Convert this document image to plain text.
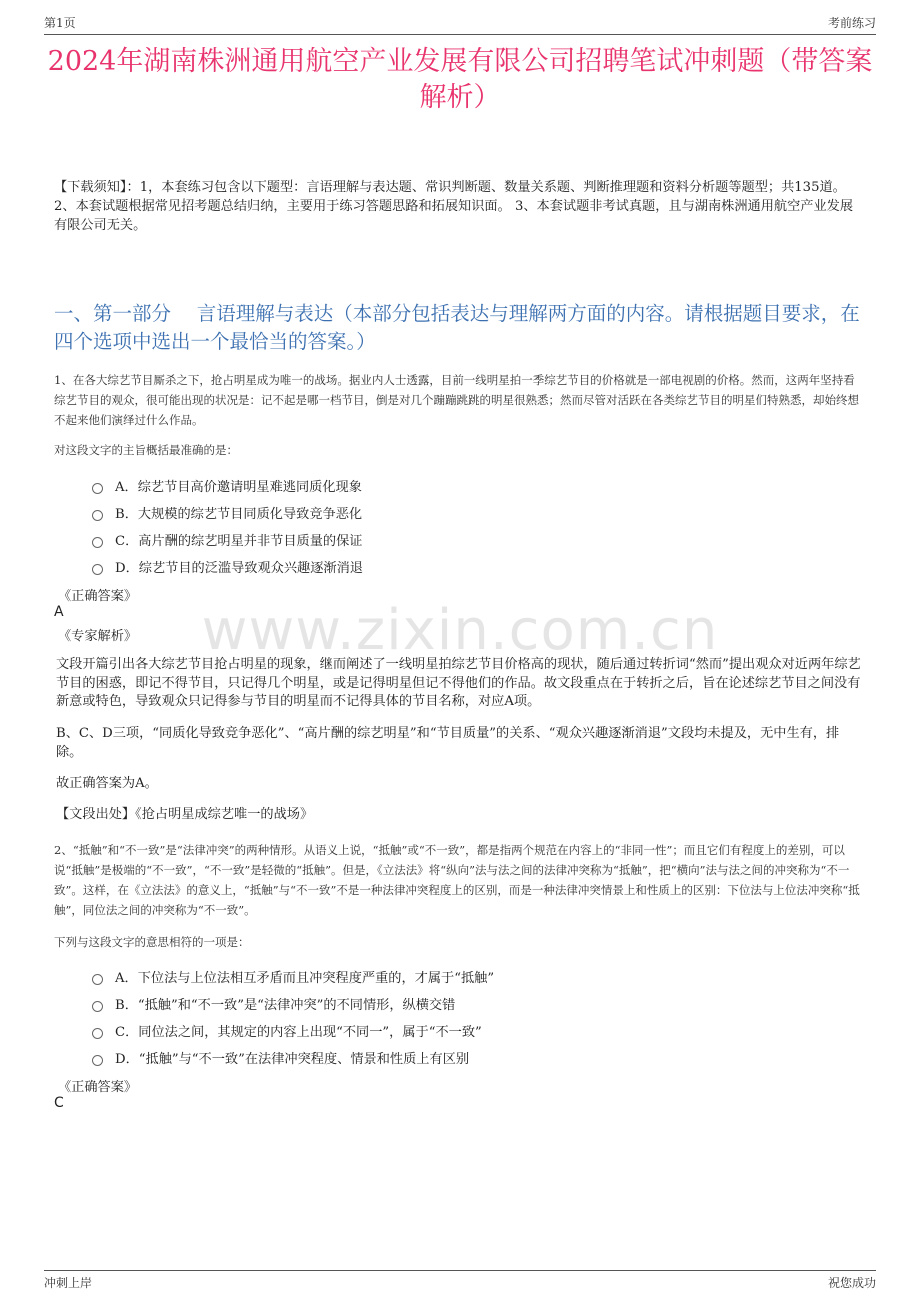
第1页	考前练习
2024年湖南株洲通用航空产业发展有限公司招聘笔试冲刺题（带答案解析）
【下载须知】：1，本套练习包含以下题型：言语理解与表达题、常识判断题、数量关系题、判断推理题和资料分析题等题型；共135道。 2、本套试题根据常见招考题总结归纳，主要用于练习答题思路和拓展知识面。 3、本套试题非考试真题，且与湖南株洲通用航空产业发展有限公司无关。
一、第一部分　 言语理解与表达（本部分包括表达与理解两方面的内容。请根据题目要求，在四个选项中选出一个最恰当的答案。）
www.zixin.com.cn
1、在各大综艺节目厮杀之下，抢占明星成为唯一的战场。据业内人士透露，目前一线明星拍一季综艺节目的价格就是一部电视剧的价格。然而，这两年坚持看综艺节目的观众，很可能出现的状况是：记不起是哪一档节目，倒是对几个蹦蹦跳跳的明星很熟悉；然而尽管对活跃在各类综艺节目的明星们特熟悉，却始终想不起来他们演绎过什么作品。
对这段文字的主旨概括最准确的是：
A．综艺节目高价邀请明星难逃同质化现象
B．大规模的综艺节目同质化导致竞争恶化
C．高片酬的综艺明星并非节目质量的保证
D．综艺节目的泛滥导致观众兴趣逐渐消退
《正确答案》
A
《专家解析》
文段开篇引出各大综艺节目抢占明星的现象，继而阐述了一线明星拍综艺节目价格高的现状，随后通过转折词“然而”提出观众对近两年综艺节目的困惑，即记不得节目，只记得几个明星，或是记得明星但记不得他们的作品。故文段重点在于转折之后，旨在论述综艺节目之间没有新意或特色，导致观众只记得参与节目的明星而不记得具体的节目名称，对应A项。
B、C、D三项，“同质化导致竞争恶化”、“高片酬的综艺明星”和“节目质量”的关系、“观众兴趣逐渐消退”文段均未提及，无中生有，排除。
故正确答案为A。
【文段出处】《抢占明星成综艺唯一的战场》
2、“抵触”和“不一致”是“法律冲突”的两种情形。从语义上说，“抵触”或“不一致”，都是指两个规范在内容上的“非同一性”；而且它们有程度上的差别，可以说“抵触”是极端的“不一致”，“不一致”是轻微的“抵触”。但是，《立法法》将“纵向”法与法之间的法律冲突称为“抵触”，把“横向”法与法之间的冲突称为“不一致”。这样，在《立法法》的意义上，“抵触”与“不一致”不是一种法律冲突程度上的区别，而是一种法律冲突情景上和性质上的区别：下位法与上位法冲突称“抵触”，同位法之间的冲突称为“不一致”。
下列与这段文字的意思相符的一项是：
A．下位法与上位法相互矛盾而且冲突程度严重的，才属于“抵触”
B．“抵触”和“不一致”是“法律冲突”的不同情形，纵横交错
C．同位法之间，其规定的内容上出现“不同一”，属于“不一致”
D．“抵触”与“不一致”在法律冲突程度、情景和性质上有区别
《正确答案》
C
冲刺上岸	祝您成功
